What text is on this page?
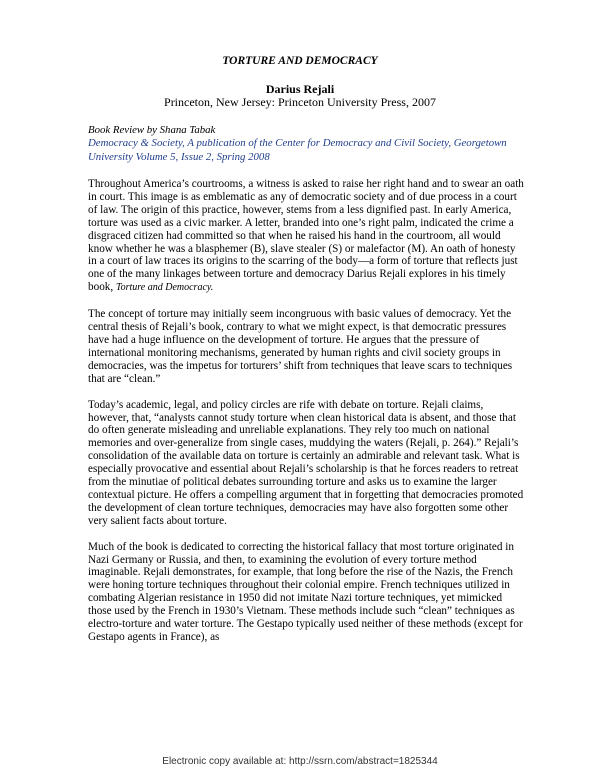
TORTURE AND DEMOCRACY
Darius Rejali
Princeton, New Jersey: Princeton University Press, 2007
Book Review by Shana Tabak
Democracy & Society, A publication of the Center for Democracy and Civil Society, Georgetown University Volume 5, Issue 2, Spring 2008

Throughout America’s courtrooms, a witness is asked to raise her right hand and to swear an oath in court. This image is as emblematic as any of democratic society and of due process in a court of law. The origin of this practice, however, stems from a less dignified past. In early America, torture was used as a civic marker. A letter, branded into one’s right palm, indicated the crime a disgraced citizen had committed so that when he raised his hand in the courtroom, all would know whether he was a blasphemer (B), slave stealer (S) or malefactor (M). An oath of honesty in a court of law traces its origins to the scarring of the body—a form of torture that reflects just one of the many linkages between torture and democracy Darius Rejali explores in his timely book, Torture and Democracy.

The concept of torture may initially seem incongruous with basic values of democracy. Yet the central thesis of Rejali’s book, contrary to what we might expect, is that democratic pressures have had a huge influence on the development of torture. He argues that the pressure of international monitoring mechanisms, generated by human rights and civil society groups in democracies, was the impetus for torturers’ shift from techniques that leave scars to techniques that are “clean.”

Today’s academic, legal, and policy circles are rife with debate on torture. Rejali claims, however, that, “analysts cannot study torture when clean historical data is absent, and those that do often generate misleading and unreliable explanations. They rely too much on national memories and over-generalize from single cases, muddying the waters (Rejali, p. 264).” Rejali’s consolidation of the available data on torture is certainly an admirable and relevant task. What is especially provocative and essential about Rejali’s scholarship is that he forces readers to retreat from the minutiae of political debates surrounding torture and asks us to examine the larger contextual picture. He offers a compelling argument that in forgetting that democracies promoted the development of clean torture techniques, democracies may have also forgotten some other very salient facts about torture.

Much of the book is dedicated to correcting the historical fallacy that most torture originated in Nazi Germany or Russia, and then, to examining the evolution of every torture method imaginable. Rejali demonstrates, for example, that long before the rise of the Nazis, the French were honing torture techniques throughout their colonial empire. French techniques utilized in combating Algerian resistance in 1950 did not imitate Nazi torture techniques, yet mimicked those used by the French in 1930’s Vietnam. These methods include such “clean” techniques as electro-torture and water torture. The Gestapo typically used neither of these methods (except for Gestapo agents in France), as

Electronic copy available at: http://ssrn.com/abstract=1825344
